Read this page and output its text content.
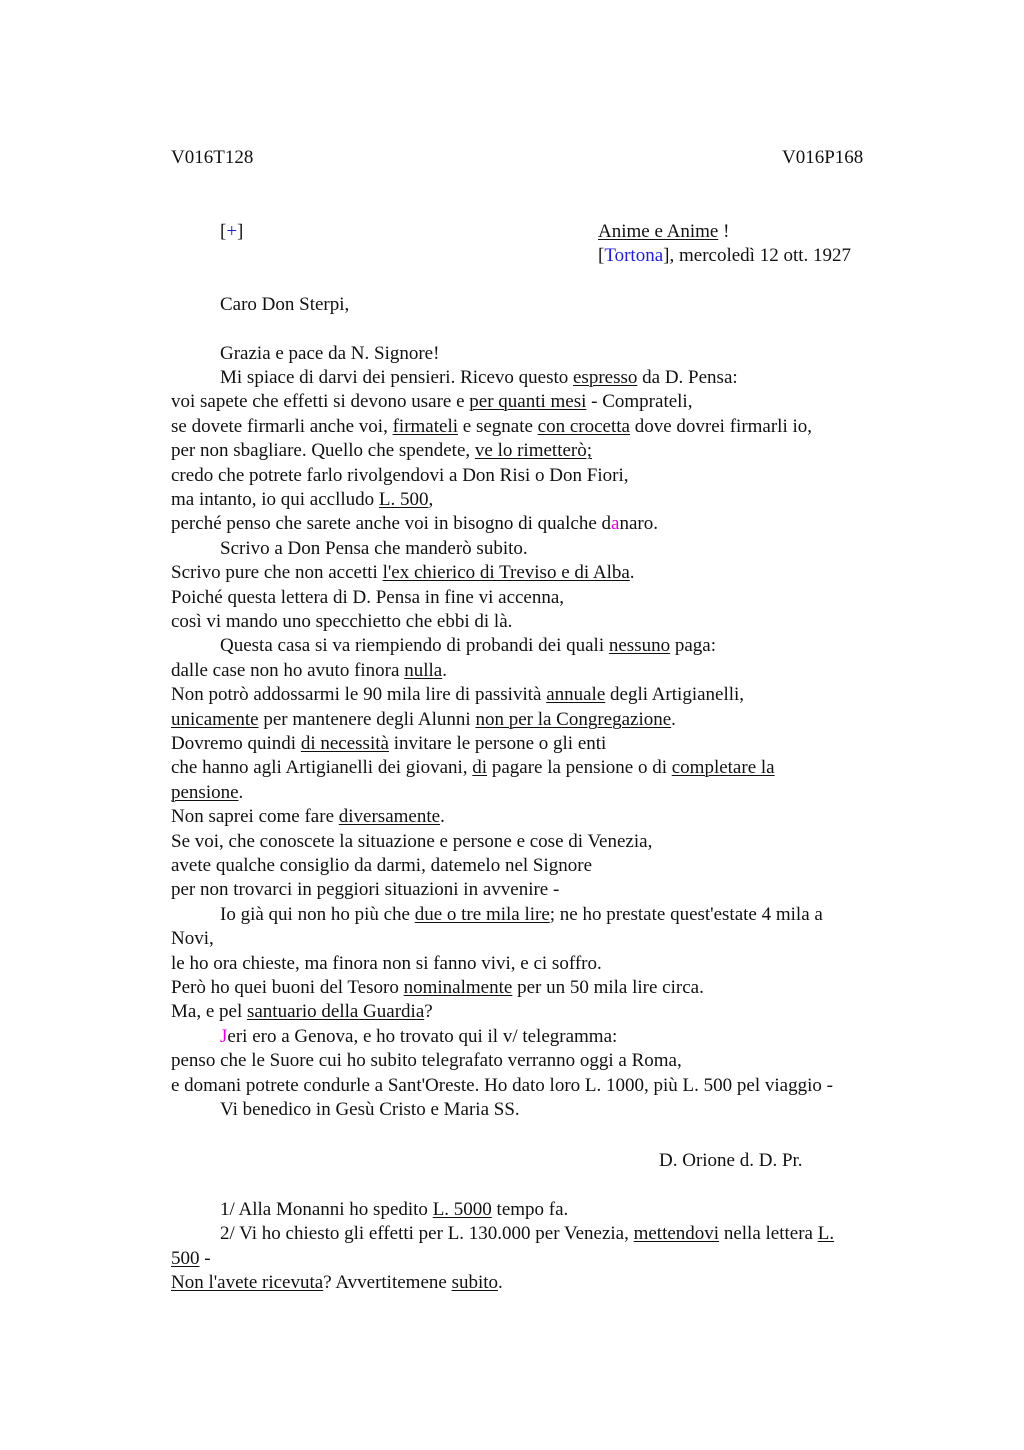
V016T128	V016P168
[+]	Anime e Anime !
[Tortona], mercoledì 12 ott. 1927
Caro Don Sterpi,
Grazia e pace da N. Signore!
Mi spiace di darvi dei pensieri. Ricevo questo espresso da D. Pensa:
voi sapete che effetti si devono usare e per quanti mesi - Comprateli,
se dovete firmarli anche voi, firmateli e segnate con crocetta dove dovrei firmarli io,
per non sbagliare. Quello che spendete, ve lo rimetterò;
credo che potrete farlo rivolgendovi a Don Risi o Don Fiori,
ma intanto, io qui acclludo L. 500,
perché penso che sarete anche voi in bisogno di qualche danaro.
Scrivo a Don Pensa che manderò subito.
Scrivo pure che non accetti l'ex chierico di Treviso e di Alba.
Poiché questa lettera di D. Pensa in fine vi accenna,
così vi mando uno specchietto che ebbi di là.
Questa casa si va riempiendo di probandi dei quali nessuno paga:
dalle case non ho avuto finora nulla.
Non potrò addossarmi le 90 mila lire di passività annuale degli Artigianelli,
unicamente per mantenere degli Alunni non per la Congregazione.
Dovremo quindi di necessità invitare le persone o gli enti
che hanno agli Artigianelli dei giovani, di pagare la pensione o di completare la
pensione.
Non saprei come fare diversamente.
Se voi, che conoscete la situazione e persone e cose di Venezia,
avete qualche consiglio da darmi, datemelo nel Signore
per non trovarci in peggiori situazioni in avvenire -
Io già qui non ho più che due o tre mila lire; ne ho prestate quest'estate 4 mila a
Novi,
le ho ora chieste, ma finora non si fanno vivi, e ci soffro.
Però ho quei buoni del Tesoro nominalmente per un 50 mila lire circa.
Ma, e pel santuario della Guardia?
Jeri ero a Genova, e ho trovato qui il v/ telegramma:
penso che le Suore cui ho subito telegrafato verranno oggi a Roma,
e domani potrete condurle a Sant'Oreste. Ho dato loro L. 1000, più L. 500 pel viaggio -
Vi benedico in Gesù Cristo e Maria SS.
D. Orione d. D. Pr.
1/ Alla Monanni ho spedito L. 5000 tempo fa.
2/ Vi ho chiesto gli effetti per L. 130.000 per Venezia, mettendovi nella lettera L.
500 -
Non l'avete ricevuta? Avvertitemene subito.
